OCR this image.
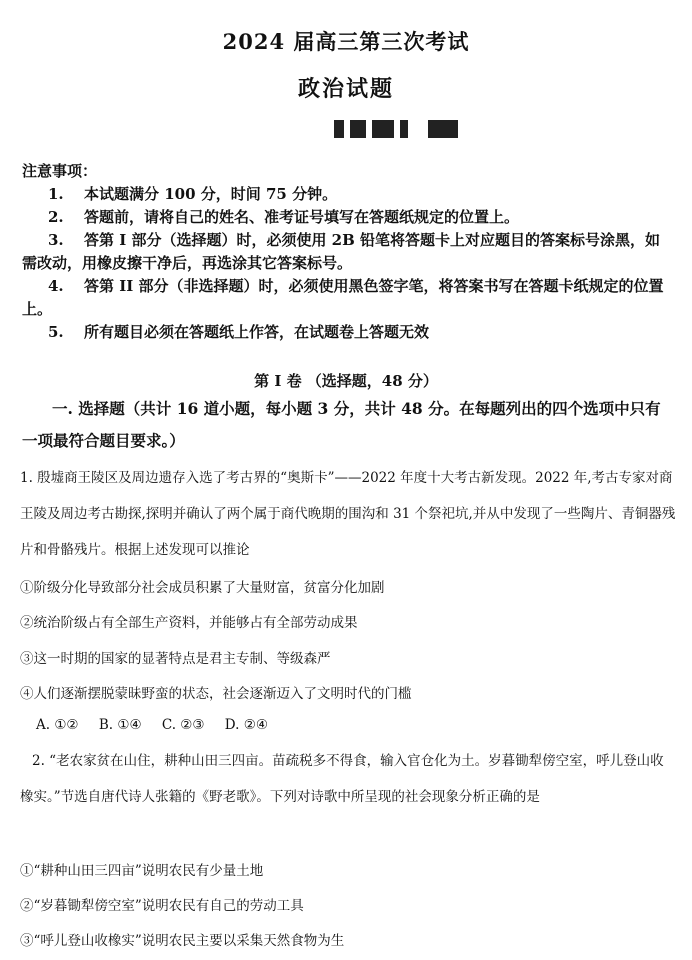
2024 届高三第三次考试
政治试题
注意事项：
1. 本试题满分 100 分，时间 75 分钟。
2. 答题前，请将自己的姓名、准考证号填写在答题纸规定的位置上。
3. 答第 I 部分（选择题）时，必须使用 2B 铅笔将答题卡上对应题目的答案标号涂黑，如需改动，用橡皮擦干净后，再选涂其它答案标号。
4. 答第 II 部分（非选择题）时，必须使用黑色签字笔，将答案书写在答题卡纸规定的位置上。
5. 所有题目必须在答题纸上作答，在试题卷上答题无效
第 I 卷 （选择题，48 分）
一. 选择题（共计 16 道小题，每小题 3 分，共计 48 分。在每题列出的四个选项中只有一项最符合题目要求。）
1. 殷墟商王陵区及周边遗存入选了考古界的“奥斯卡”——2022 年度十大考古新发现。2022 年,考古专家对商王陵及周边考古勘探,探明并确认了两个属于商代晚期的围沟和 31 个祭祀坑,并从中发现了一些陶片、青铜器残片和骨骼残片。根据上述发现可以推论
①阶级分化导致部分社会成员积累了大量财富，贫富分化加剧
②统治阶级占有全部生产资料，并能够占有全部劳动成果
③这一时期的国家的显著特点是君主专制、等级森严
④人们逐渐摆脱蒙昧野蛮的状态，社会逐渐迈入了文明时代的门槛
A. ①② B. ①④ C. ②③ D. ②④
2. “老农家贫在山住，耕种山田三四亩。苗疏税多不得食，输入官仓化为土。岁暮锄犁傍空室，呼儿登山收橡实。”节选自唐代诗人张籍的《野老歌》。下列对诗歌中所呈现的社会现象分析正确的是
①“耕种山田三四亩”说明农民有少量土地
②“岁暮锄犁傍空室”说明农民有自己的劳动工具
③“呼儿登山收橡实”说明农民主要以采集天然食物为生
